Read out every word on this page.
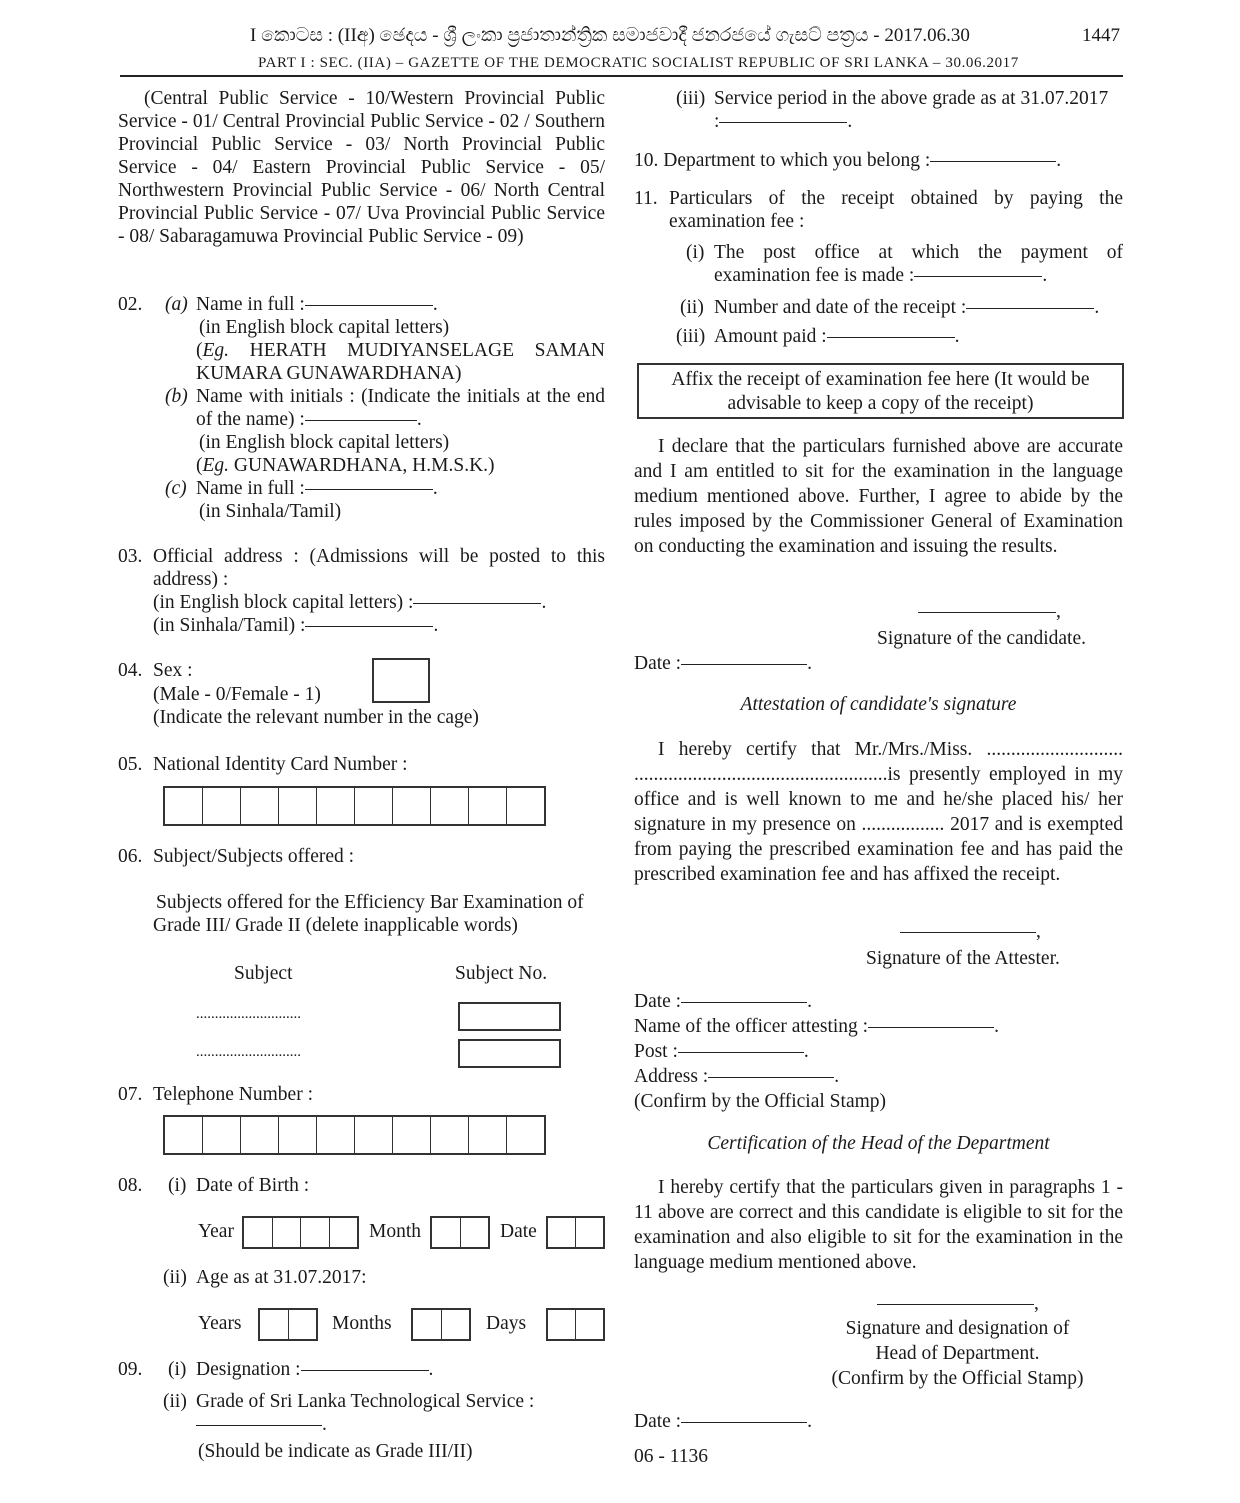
I කොටස : (IIඅ) ඡෙදය - ශ්‍රී ලංකා ප්‍රජාතාන්ත්‍රික සමාජවාදී ජනරජයේ ගැසට් පත්‍රය - 2017.06.30	1447
PART I : SEC. (IIA) – GAZETTE OF THE DEMOCRATIC SOCIALIST REPUBLIC OF SRI LANKA – 30.06.2017

(Central Public Service - 10/Western Provincial Public Service - 01/ Central Provincial Public Service - 02 / Southern Provincial Public Service - 03/ North Provincial Public Service - 04/ Eastern Provincial Public Service - 05/ Northwestern Provincial Public Service - 06/ North Central Provincial Public Service - 07/ Uva Provincial Public Service - 08/ Sabaragamuwa Provincial Public Service - 09)

02. (a) Name in full :	.
(in English block capital letters)
(Eg. HERATH MUDIYANSELAGE SAMAN KUMARA GUNAWARDHANA)
(b) Name with initials : (Indicate the initials at the end of the name) :	.
(in English block capital letters)
(Eg. GUNAWARDHANA, H.M.S.K.)
(c) Name in full :	.
(in Sinhala/Tamil)
03. Official address : (Admissions will be posted to this address) :
(in English block capital letters) :	.
(in Sinhala/Tamil) :	.
04. Sex :
(Male - 0/Female - 1)
(Indicate the relevant number in the cage)
05. National Identity Card Number :
06. Subject/Subjects offered :

Subjects offered for the Efficiency Bar Examination of Grade III/ Grade II (delete inapplicable words)

Subject	Subject No.
............................
............................
07. Telephone Number :
08. (i) Date of Birth :
Year	Month	Date
(ii) Age as at 31.07.2017:
Years	Months	Days
09. (i) Designation :	.
(ii) Grade of Sri Lanka Technological Service :
.
(Should be indicate as Grade III/II)
(iii) Service period in the above grade as at 31.07.2017
:	.
10. Department to which you belong :	.
11. Particulars of the receipt obtained by paying the examination fee :
(i) The post office at which the payment of examination fee is made :	.
(ii) Number and date of the receipt :	.
(iii) Amount paid :	.
Affix the receipt of examination fee here (It would be advisable to keep a copy of the receipt)

I declare that the particulars furnished above are accurate and I am entitled to sit for the examination in the language medium mentioned above. Further, I agree to abide by the rules imposed by the Commissioner General of Examination on conducting the examination and issuing the results.

,
Signature of the candidate.
Date :	.
Attestation of candidate's signature

I hereby certify that Mr./Mrs./Miss. ............................ ....................................................is presently employed in my office and is well known to me and he/she placed his/ her signature in my presence on ................. 2017 and is exempted from paying the prescribed examination fee and has paid the prescribed examination fee and has affixed the receipt.

,
Signature of the Attester.
Date :	.
Name of the officer attesting :	.
Post :	.
Address :	.
(Confirm by the Official Stamp)
Certification of the Head of the Department

I hereby certify that the particulars given in paragraphs 1 - 11 above are correct and this candidate is eligible to sit for the examination and also eligible to sit for the examination in the language medium mentioned above.

,
Signature and designation of
Head of Department.
(Confirm by the Official Stamp)
Date :	.
06 - 1136
